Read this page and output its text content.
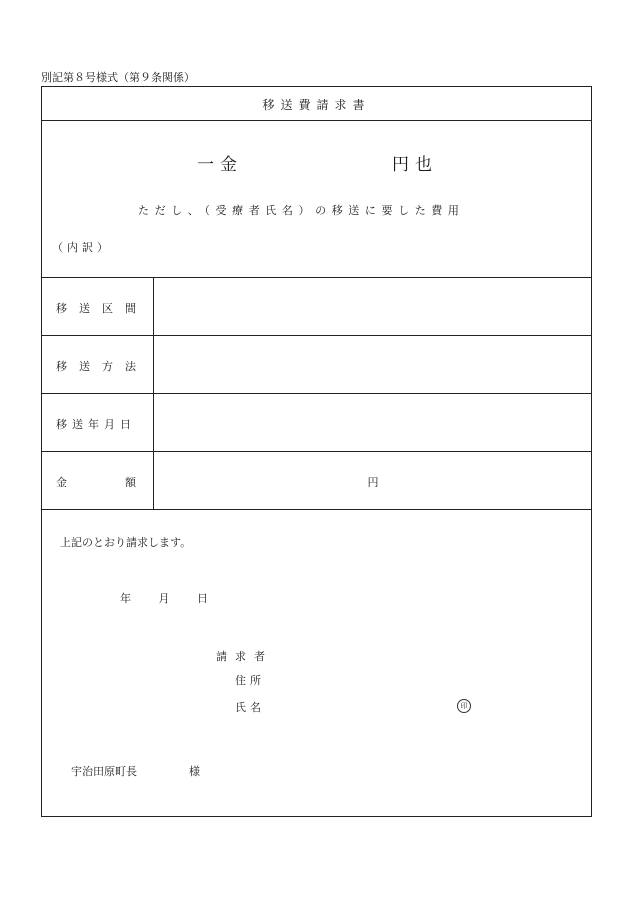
別記第８号様式（第９条関係）
移送費請求書
一金	円也
ただし、（受療者氏名）の移送に要した費用
（内訳）
移送区間
移送方法
移送年月日
金額	円
上記のとおり請求します。
年	月	日
請求者
住所
氏名	印
宇治田原町長	様
